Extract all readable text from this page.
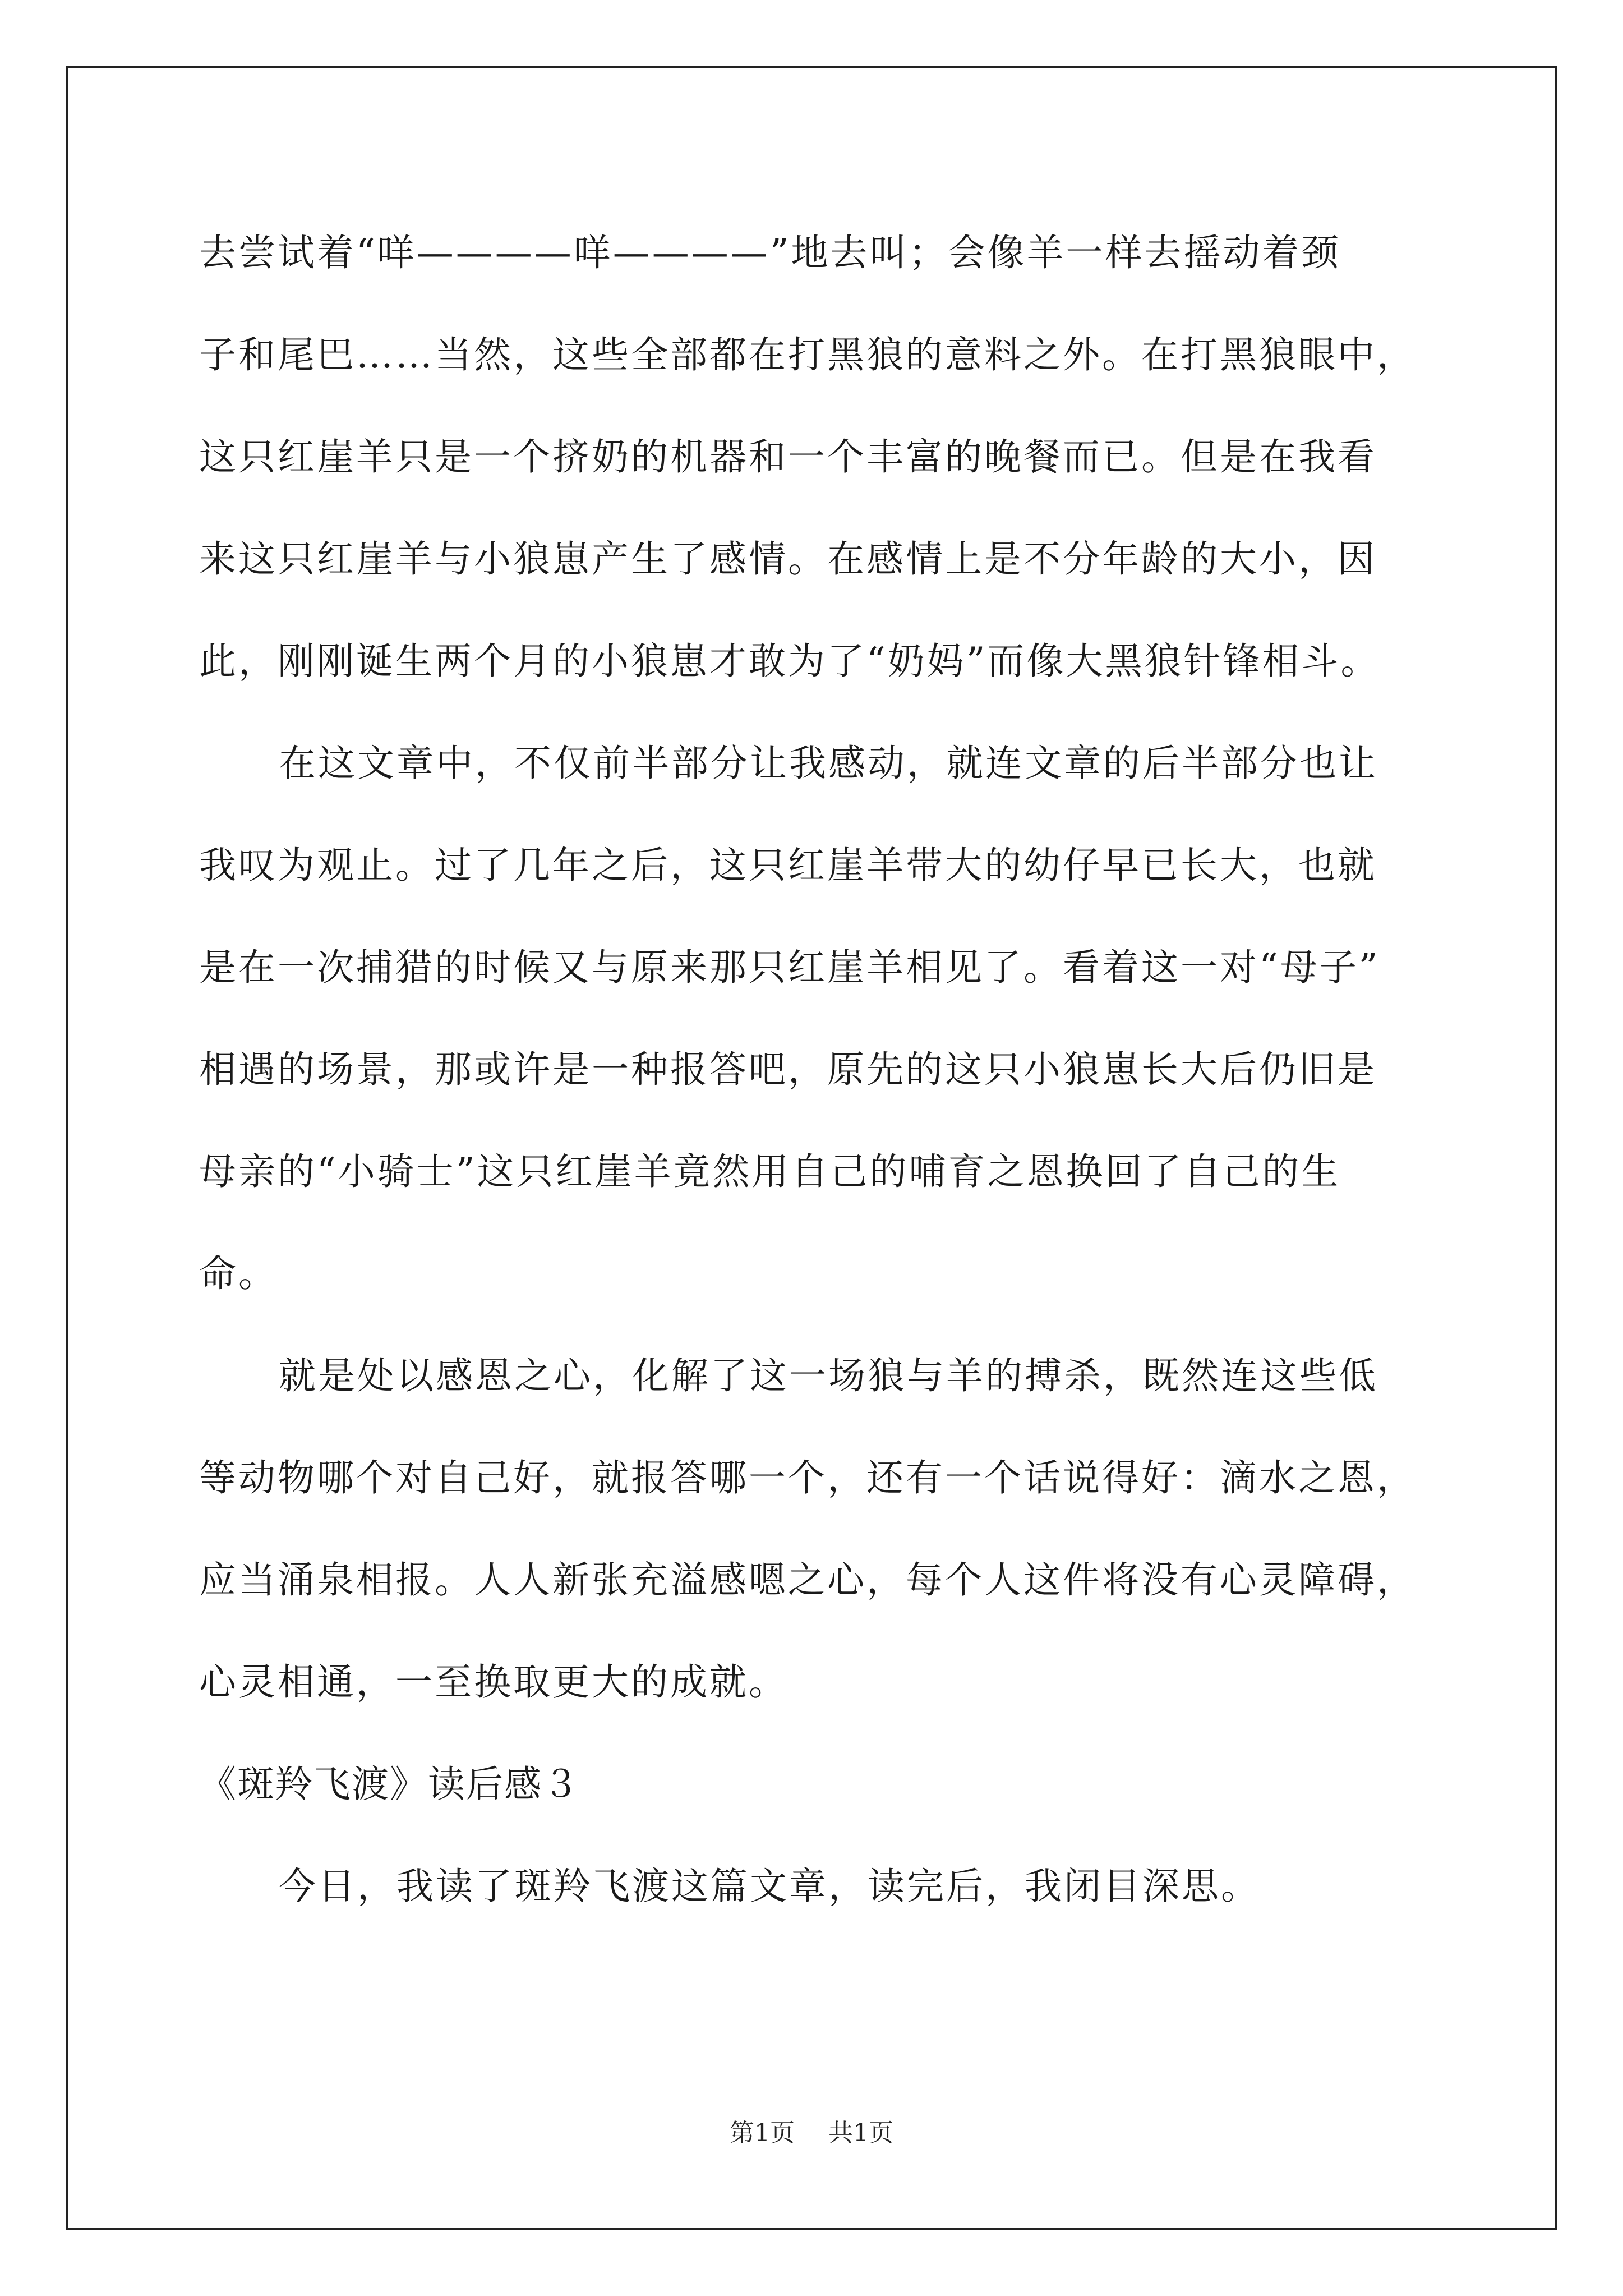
去尝试着“咩————咩————”地去叫；会像羊一样去摇动着颈
子和尾巴……当然，这些全部都在打黑狼的意料之外。在打黑狼眼中，
这只红崖羊只是一个挤奶的机器和一个丰富的晚餐而已。但是在我看
来这只红崖羊与小狼崽产生了感情。在感情上是不分年龄的大小，因
此，刚刚诞生两个月的小狼崽才敢为了“奶妈”而像大黑狼针锋相斗。
在这文章中，不仅前半部分让我感动，就连文章的后半部分也让
我叹为观止。过了几年之后，这只红崖羊带大的幼仔早已长大，也就
是在一次捕猎的时候又与原来那只红崖羊相见了。看着这一对“母子”
相遇的场景，那或许是一种报答吧，原先的这只小狼崽长大后仍旧是
母亲的“小骑士”这只红崖羊竟然用自己的哺育之恩换回了自己的生
命。
就是处以感恩之心，化解了这一场狼与羊的搏杀，既然连这些低
等动物哪个对自己好，就报答哪一个，还有一个话说得好：滴水之恩，
应当涌泉相报。人人新张充溢感嗯之心，每个人这件将没有心灵障碍，
心灵相通，一至换取更大的成就。
《斑羚飞渡》读后感３
今日，我读了斑羚飞渡这篇文章，读完后，我闭目深思。
第1页 共1页
